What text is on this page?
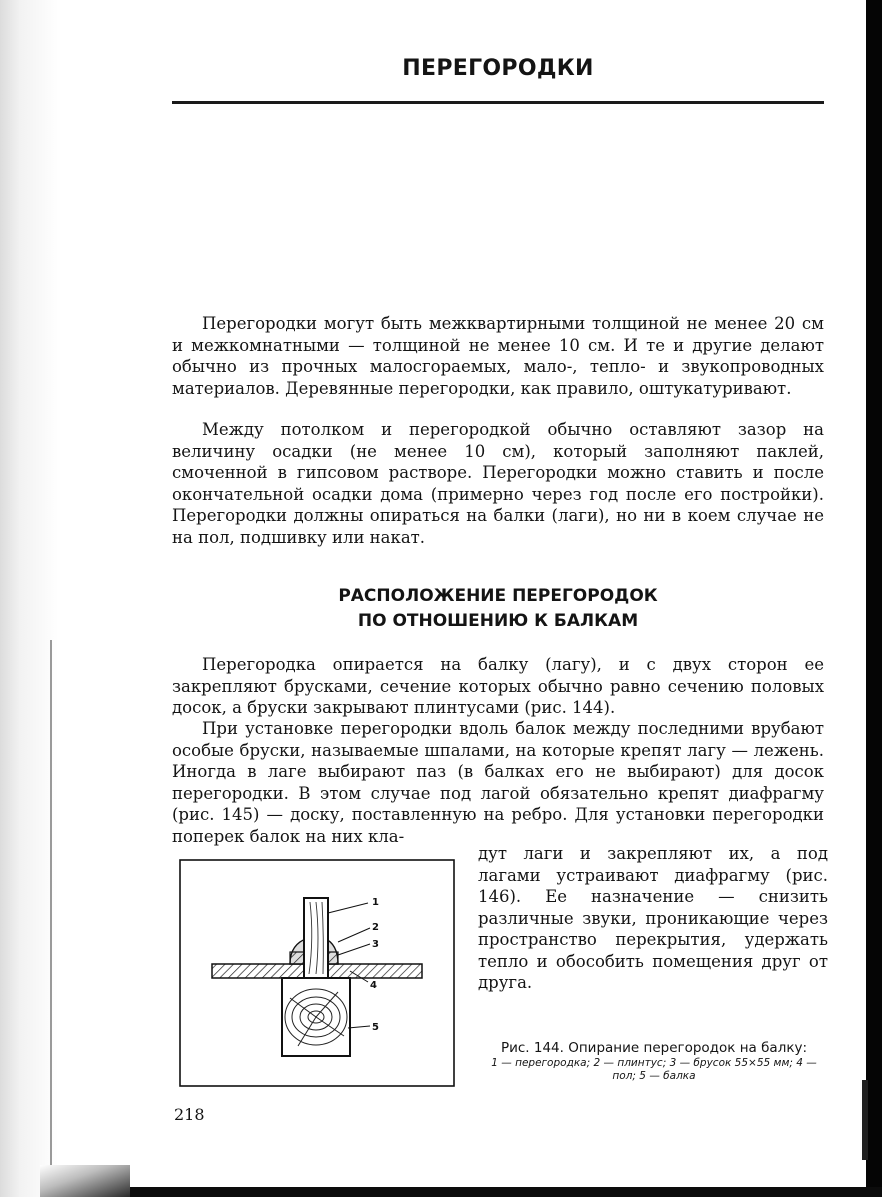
ПЕРЕГОРОДКИ

Перегородки могут быть межквартирными толщиной не менее 20 см и межкомнатными — толщиной не менее 10 см. И те и другие делают обычно из прочных малосгораемых, мало-, тепло- и звукопроводных материалов. Деревянные перегородки, как правило, оштукатуривают.

Между потолком и перегородкой обычно оставляют зазор на величину осадки (не менее 10 см), который заполняют паклей, смоченной в гипсовом растворе. Перегородки можно ставить и после окончательной осадки дома (примерно через год после его постройки). Перегородки должны опираться на балки (лаги), но ни в коем случае не на пол, подшивку или накат.

РАСПОЛОЖЕНИЕ ПЕРЕГОРОДОК
ПО ОТНОШЕНИЮ К БАЛКАМ

Перегородка опирается на балку (лагу), и с двух сторон ее закрепляют брусками, сечение которых обычно равно сечению половых досок, а бруски закрывают плинтусами (рис. 144).

При установке перегородки вдоль балок между последними врубают особые бруски, называемые шпалами, на которые крепят лагу — лежень. Иногда в лаге выбирают паз (в балках его не выбирают) для досок перегородки. В этом случае под лагой обязательно крепят диафрагму (рис. 145) — доску, поставленную на ребро. Для установки перегородки поперек балок на них кла-

дут лаги и закрепляют их, а под лагами устраивают диафрагму (рис. 146). Ее назначение — снизить различные звуки, проникающие через пространство перекрытия, удержать тепло и обособить помещения друг от друга.

1
2
3
4
5
Рис. 144. Опирание перегородок на балку:
1 — перегородка; 2 — плинтус; 3 — брусок 55×55 мм; 4 — пол; 5 — балка
218
